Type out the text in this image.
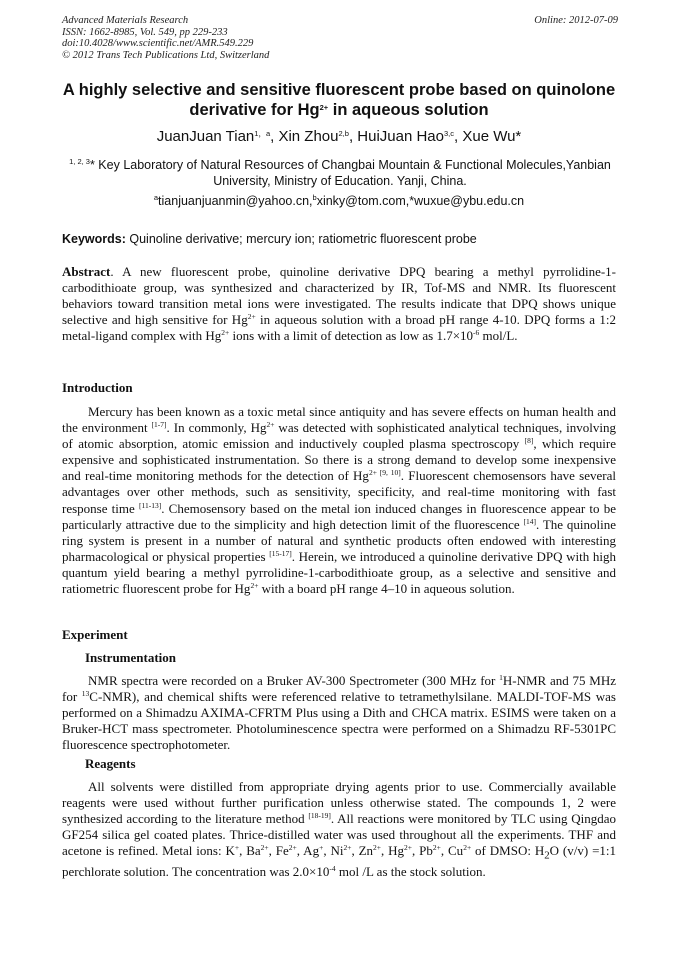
Advanced Materials Research
ISSN: 1662-8985, Vol. 549, pp 229-233
doi:10.4028/www.scientific.net/AMR.549.229
© 2012 Trans Tech Publications Ltd, Switzerland
Online: 2012-07-09
A highly selective and sensitive fluorescent probe based on quinolone
derivative for $Hg^{2+}$ in aqueous solution
JuanJuan Tian$^{1,a}$, Xin Zhou$^{2,b}$, HuiJuan Hao$^{3,c}$, Xue Wu*
$^{1, 2, 3}$* Key Laboratory of Natural Resources of Changbai Mountain & Functional Molecules,Yanbian University, Ministry of Education. Yanji, China.
$^a$tianjuanjuanmin@yahoo.cn,$^b$xinky@tom.com,*wuxue@ybu.edu.cn
Keywords: Quinoline derivative; mercury ion; ratiometric fluorescent probe

Abstract. A new fluorescent probe, quinoline derivative DPQ bearing a methyl pyrrolidine-1-carbodithioate group, was synthesized and characterized by IR, Tof-MS and NMR. Its fluorescent behaviors toward transition metal ions were investigated. The results indicate that DPQ shows unique selective and high sensitive for $Hg^{2+}$ in aqueous solution with a broad pH range 4-10. DPQ forms a 1:2 metal-ligand complex with $Hg^{2+}$ ions with a limit of detection as low as $1.7\times 10^{-6}$ mol/L.

Introduction

Mercury has been known as a toxic metal since antiquity and has severe effects on human health and the environment [1-7]. In commonly, $Hg^{2+}$ was detected with sophisticated analytical techniques, involving of atomic absorption, atomic emission and inductively coupled plasma spectroscopy [8], which require expensive and sophisticated instrumentation. So there is a strong demand to develop some inexpensive and real-time monitoring methods for the detection of $Hg^{2+ [9, 10]}$. Fluorescent chemosensors have several advantages over other methods, such as sensitivity, specificity, and real-time monitoring with fast response time [11-13]. Chemosensory based on the metal ion induced changes in fluorescence appear to be particularly attractive due to the simplicity and high detection limit of the fluorescence [14]. The quinoline ring system is present in a number of natural and synthetic products often endowed with interesting pharmacological or physical properties [15-17]. Herein, we introduced a quinoline derivative DPQ with high quantum yield bearing a methyl pyrrolidine-1-carbodithioate group, as a selective and sensitive and ratiometric fluorescent probe for $Hg^{2+}$ with a board pH range 4–10 in aqueous solution.

Experiment
Instrumentation

NMR spectra were recorded on a Bruker AV-300 Spectrometer (300 MHz for $^1$H-NMR and 75 MHz for $^{13}$C-NMR), and chemical shifts were referenced relative to tetramethylsilane. MALDI-TOF-MS was performed on a Shimadzu AXIMA-CFRTM Plus using a Dith and CHCA matrix. ESIMS were taken on a Bruker-HCT mass spectrometer. Photoluminescence spectra were performed on a Shimadzu RF-5301PC fluorescence spectrophotometer.

Reagents

All solvents were distilled from appropriate drying agents prior to use. Commercially available reagents were used without further purification unless otherwise stated. The compounds 1, 2 were synthesized according to the literature method [18-19]. All reactions were monitored by TLC using Qingdao GF254 silica gel coated plates. Thrice-distilled water was used throughout all the experiments. THF and acetone is refined. Metal ions: K+, $Ba^{2+}$, $Fe^{2+}$, Ag+, $Ni^{2+}$, $Zn^{2+}$, $Hg^{2+}$, $Pb^{2+}$, $Cu^{2+}$ of DMSO: $H_2O$ (v/v) =1:1 perchlorate solution. The concentration was $2.0\times 10^{-4}$ mol /L as the stock solution.
